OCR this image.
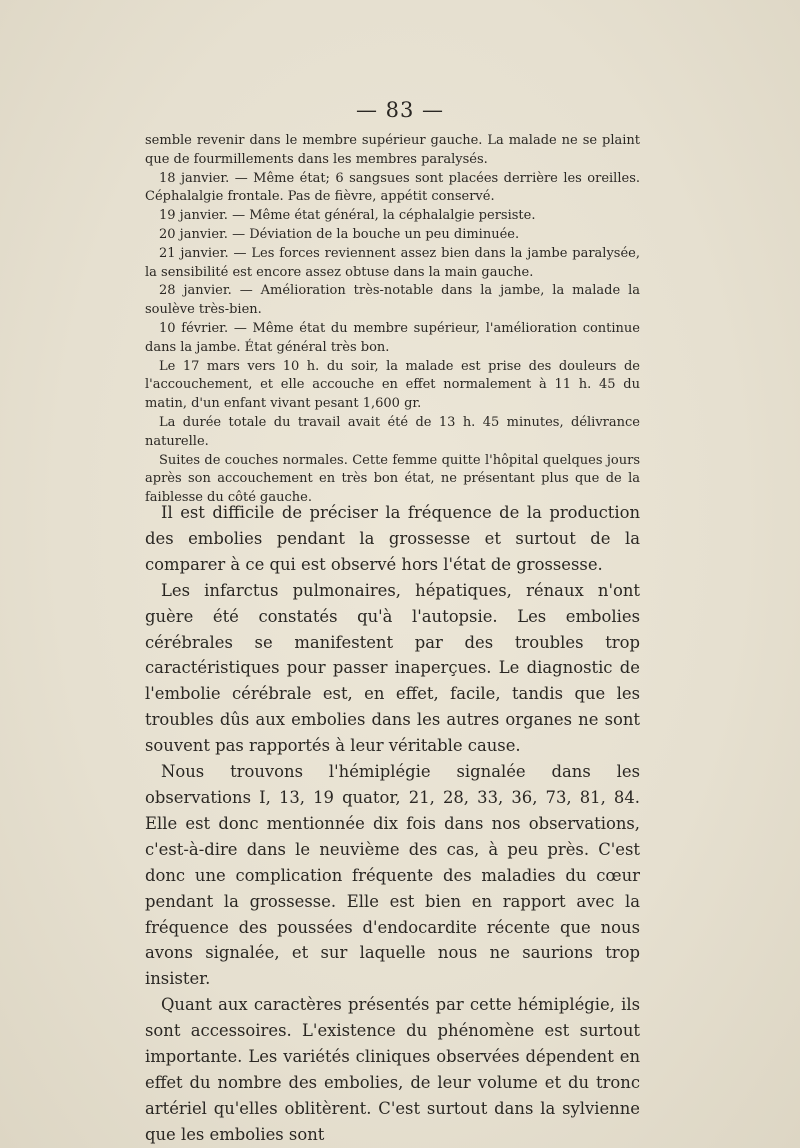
— 83 —

semble revenir dans le membre supérieur gauche. La malade ne se plaint que de fourmillements dans les membres paralysés.

18 janvier. — Même état; 6 sangsues sont placées derrière les oreilles. Céphalalgie frontale. Pas de fièvre, appétit conservé.

19 janvier. — Même état général, la céphalalgie persiste.

20 janvier. — Déviation de la bouche un peu diminuée.

21 janvier. — Les forces reviennent assez bien dans la jambe paralysée, la sensibilité est encore assez obtuse dans la main gauche.

28 janvier. — Amélioration très-notable dans la jambe, la malade la soulève très-bien.

10 février. — Même état du membre supérieur, l'amélioration continue dans la jambe. État général très bon.

Le 17 mars vers 10 h. du soir, la malade est prise des douleurs de l'accouchement, et elle accouche en effet normalement à 11 h. 45 du matin, d'un enfant vivant pesant 1,600 gr.

La durée totale du travail avait été de 13 h. 45 minutes, délivrance naturelle.

Suites de couches normales. Cette femme quitte l'hôpital quelques jours après son accouchement en très bon état, ne présentant plus que de la faiblesse du côté gauche.

Il est difficile de préciser la fréquence de la production des embolies pendant la grossesse et surtout de la comparer à ce qui est observé hors l'état de grossesse.

Les infarctus pulmonaires, hépatiques, rénaux n'ont guère été constatés qu'à l'autopsie. Les embolies cérébrales se manifestent par des troubles trop caractéristiques pour passer inaperçues. Le diagnostic de l'embolie cérébrale est, en effet, facile, tandis que les troubles dûs aux embolies dans les autres organes ne sont souvent pas rapportés à leur véritable cause.

Nous trouvons l'hémiplégie signalée dans les observations I, 13, 19 quator, 21, 28, 33, 36, 73, 81, 84. Elle est donc mentionnée dix fois dans nos observations, c'est-à-dire dans le neuvième des cas, à peu près. C'est donc une complication fréquente des maladies du cœur pendant la grossesse. Elle est bien en rapport avec la fréquence des poussées d'endocardite récente que nous avons signalée, et sur laquelle nous ne saurions trop insister.

Quant aux caractères présentés par cette hémiplégie, ils sont accessoires. L'existence du phénomène est surtout importante. Les variétés cliniques observées dépendent en effet du nombre des embolies, de leur volume et du tronc artériel qu'elles oblitèrent. C'est surtout dans la sylvienne que les embolies sont
